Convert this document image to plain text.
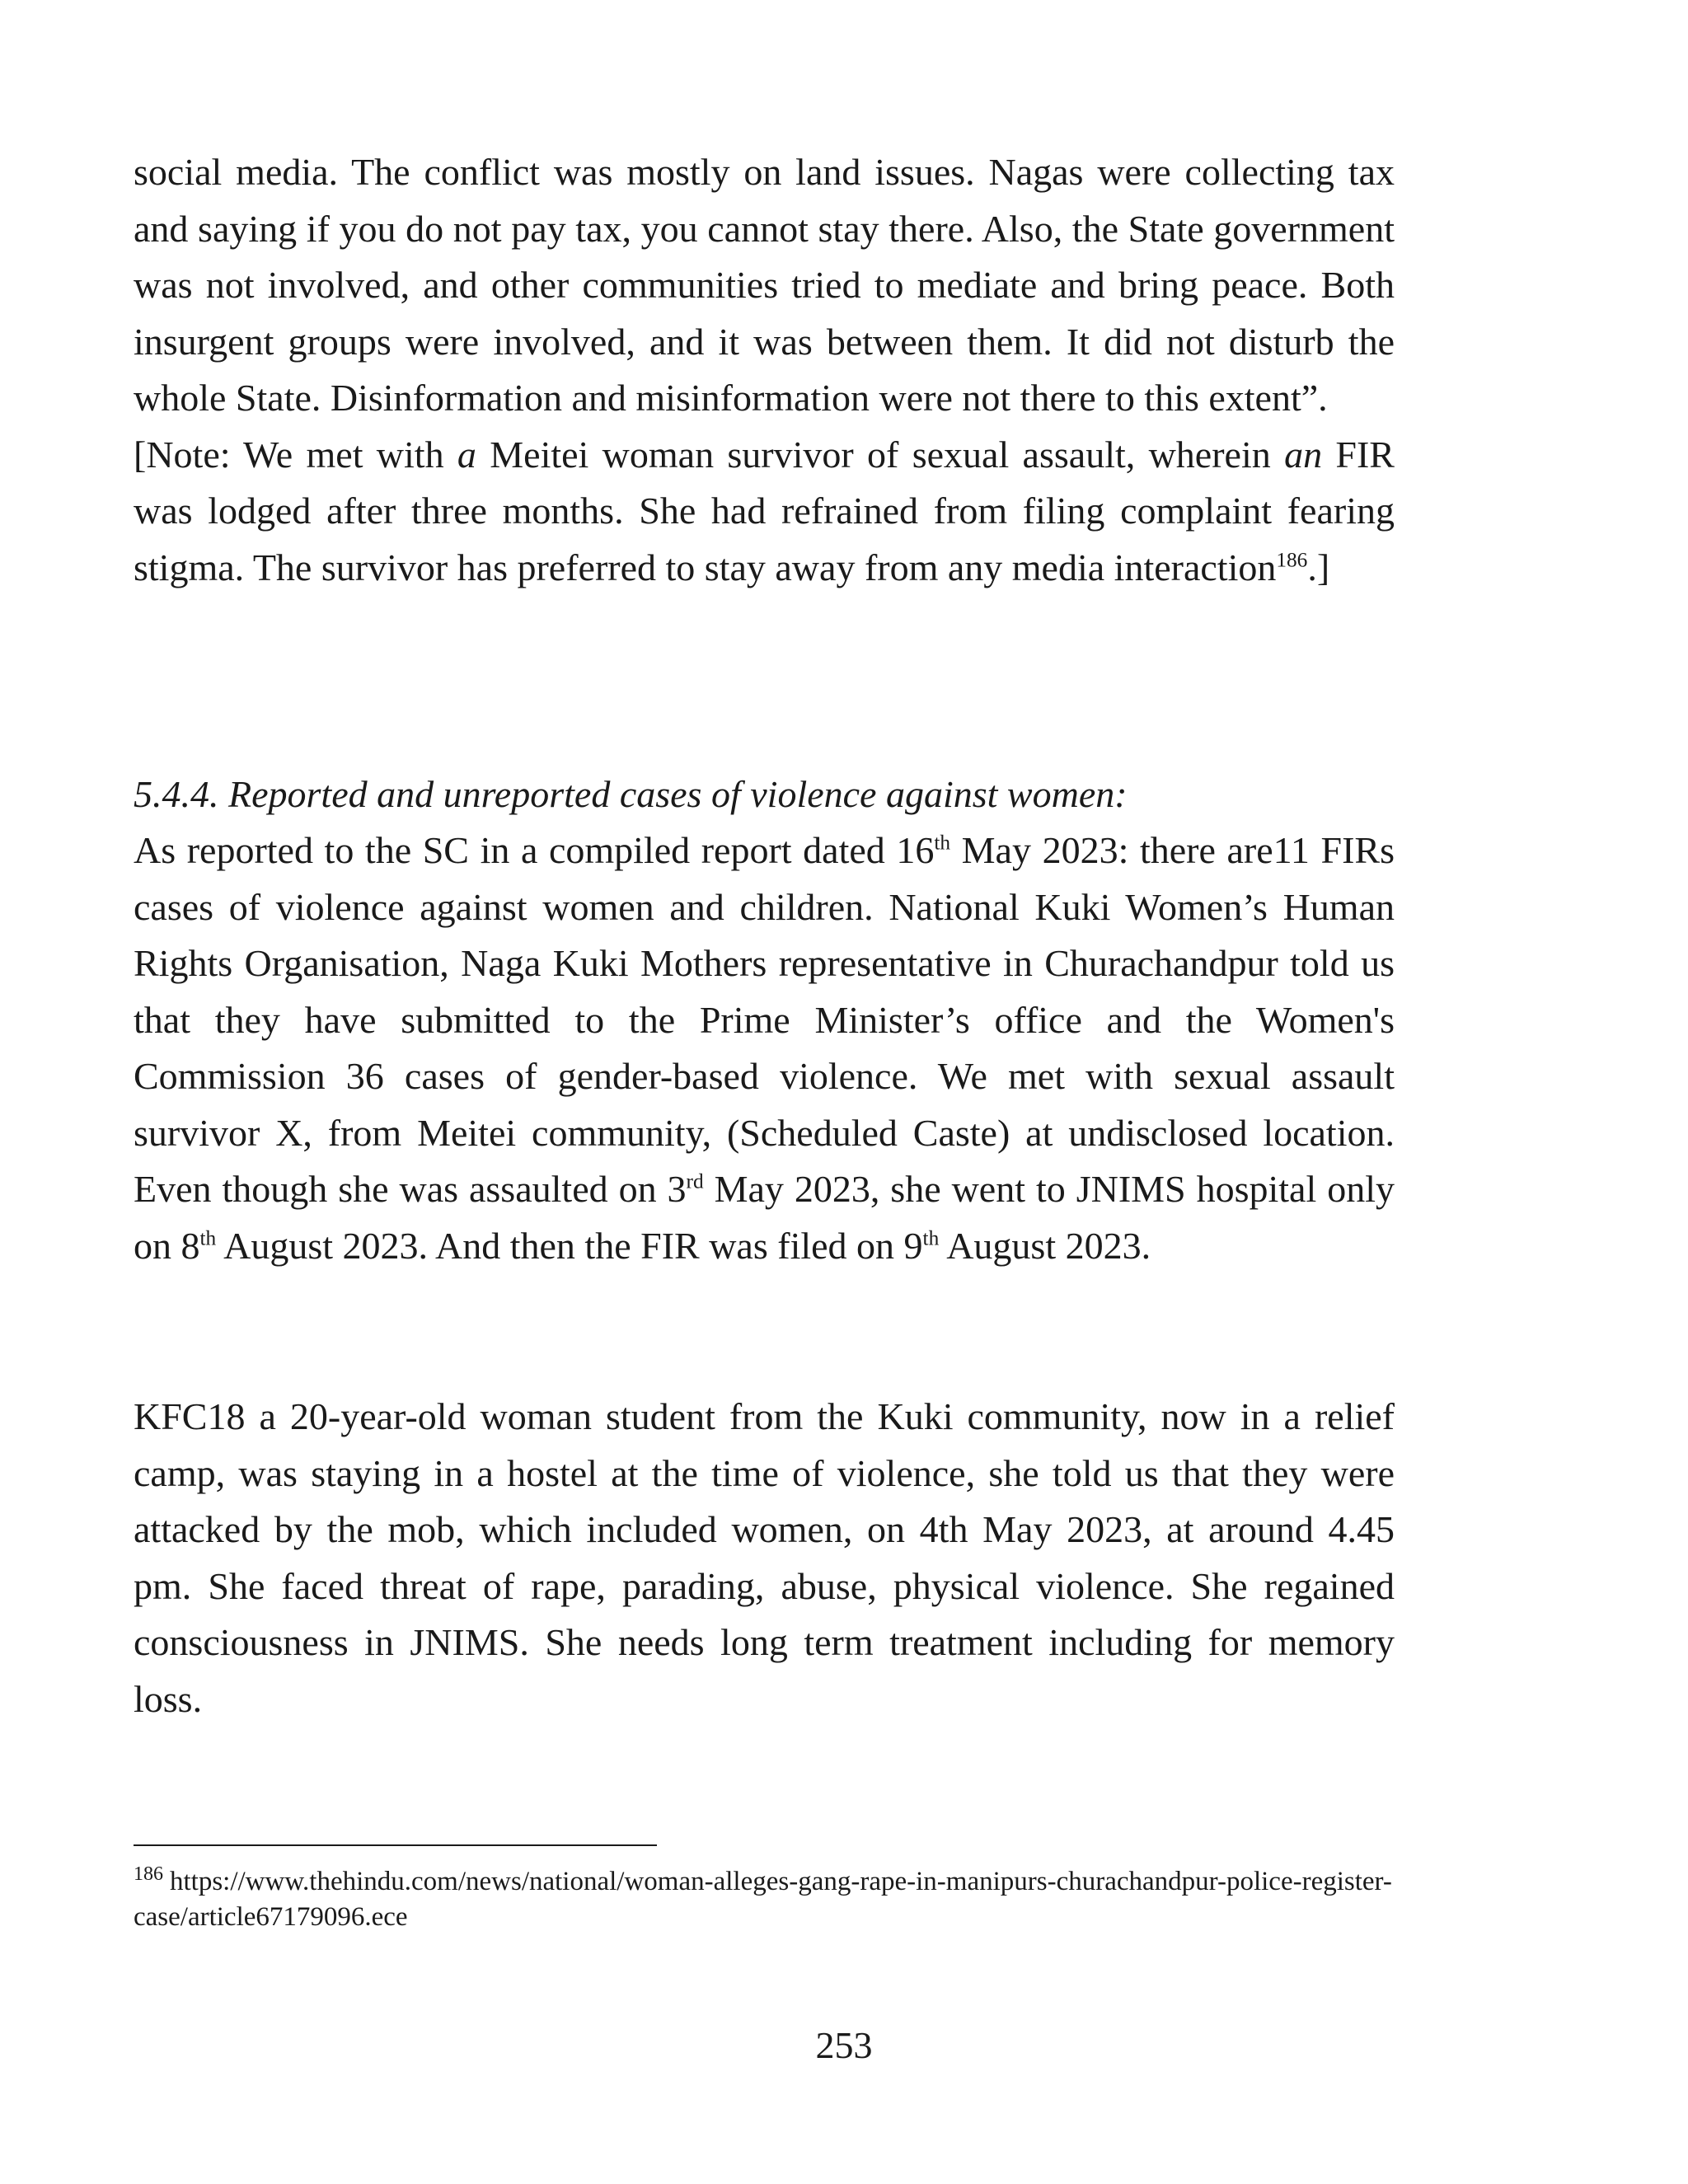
social media. The conflict was mostly on land issues. Nagas were collecting tax and saying if you do not pay tax, you cannot stay there. Also, the State government was not involved, and other communities tried to mediate and bring peace. Both insurgent groups were involved, and it was between them. It did not disturb the whole State. Disinformation and misinformation were not there to this extent”.

[Note: We met with a Meitei woman survivor of sexual assault, wherein an FIR was lodged after three months. She had refrained from filing complaint fearing stigma. The survivor has preferred to stay away from any media interaction$^{186}$.]

5.4.4. Reported and unreported cases of violence against women:

As reported to the SC in a compiled report dated 16th May 2023: there are11 FIRs cases of violence against women and children. National Kuki Women’s Human Rights Organisation, Naga Kuki Mothers representative in Churachandpur told us that they have submitted to the Prime Minister’s office and the Women's Commission 36 cases of gender-based violence. We met with sexual assault survivor X, from Meitei community, (Scheduled Caste) at undisclosed location. Even though she was assaulted on 3rd May 2023, she went to JNIMS hospital only on 8th August 2023. And then the FIR was filed on 9th August 2023.

KFC18 a 20-year-old woman student from the Kuki community, now in a relief camp, was staying in a hostel at the time of violence, she told us that they were attacked by the mob, which included women, on 4th May 2023, at around 4.45 pm. She faced threat of rape, parading, abuse, physical violence. She regained consciousness in JNIMS. She needs long term treatment including for memory loss.

$^{186}$ https://www.thehindu.com/news/national/woman-alleges-gang-rape-in-manipurs-churachandpur-police-register-case/article67179096.ece

253
